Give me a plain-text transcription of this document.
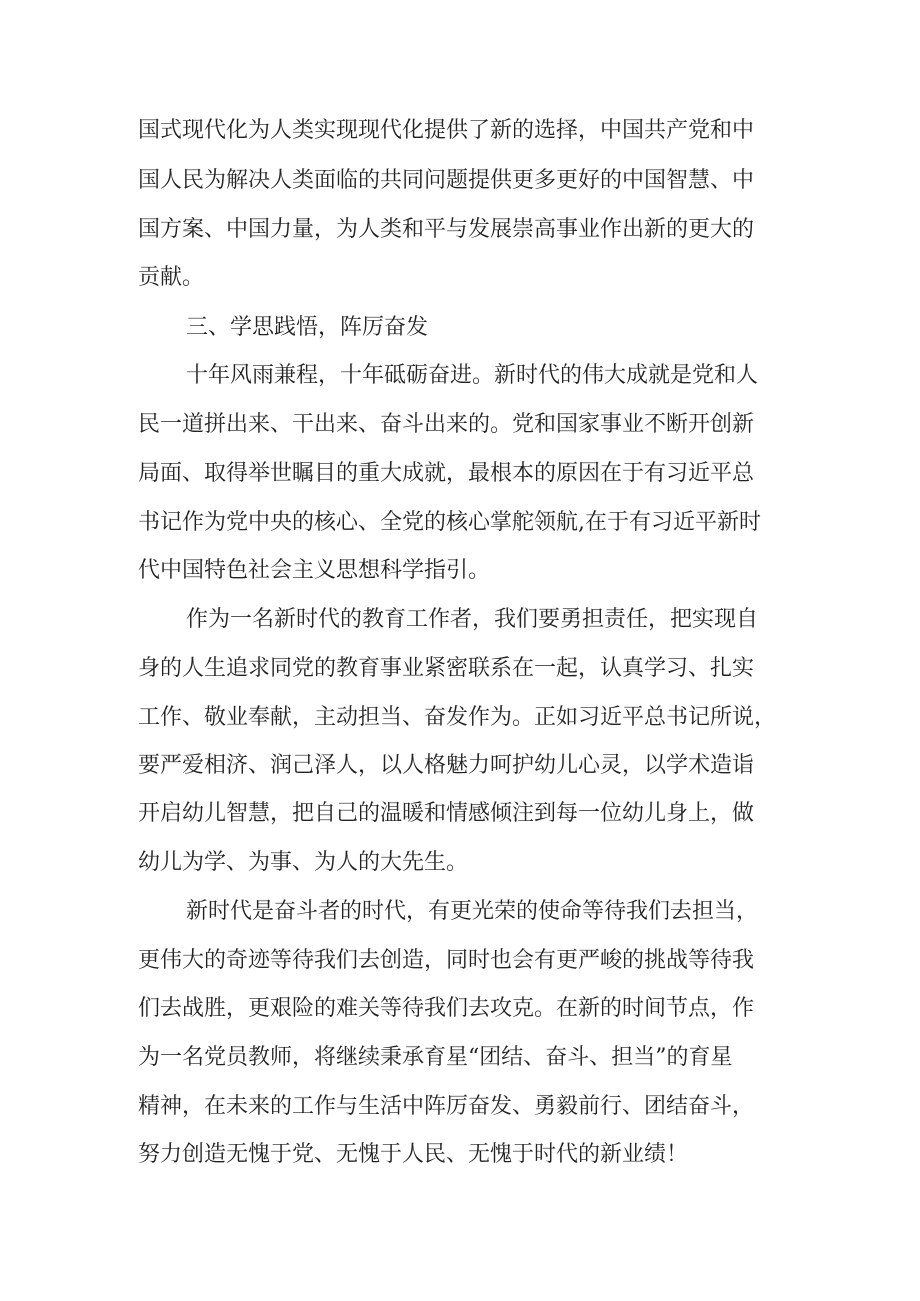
国式现代化为人类实现现代化提供了新的选择，中国共产党和中
国人民为解决人类面临的共同问题提供更多更好的中国智慧、中
国方案、中国力量，为人类和平与发展崇高事业作出新的更大的
贡献。
三、学思践悟，阵厉奋发
十年风雨兼程，十年砥砺奋进。新时代的伟大成就是党和人
民一道拼出来、干出来、奋斗出来的。党和国家事业不断开创新
局面、取得举世瞩目的重大成就，最根本的原因在于有习近平总
书记作为党中央的核心、全党的核心掌舵领航,在于有习近平新时
代中国特色社会主义思想科学指引。
作为一名新时代的教育工作者，我们要勇担责任，把实现自
身的人生追求同党的教育事业紧密联系在一起，认真学习、扎实
工作、敬业奉献，主动担当、奋发作为。正如习近平总书记所说，
要严爱相济、润己泽人，以人格魅力呵护幼儿心灵，以学术造诣
开启幼儿智慧，把自己的温暖和情感倾注到每一位幼儿身上，做
幼儿为学、为事、为人的大先生。
新时代是奋斗者的时代，有更光荣的使命等待我们去担当，
更伟大的奇迹等待我们去创造，同时也会有更严峻的挑战等待我
们去战胜，更艰险的难关等待我们去攻克。在新的时间节点，作
为一名党员教师，将继续秉承育星“团结、奋斗、担当”的育星
精神，在未来的工作与生活中阵厉奋发、勇毅前行、团结奋斗，
努力创造无愧于党、无愧于人民、无愧于时代的新业绩！
